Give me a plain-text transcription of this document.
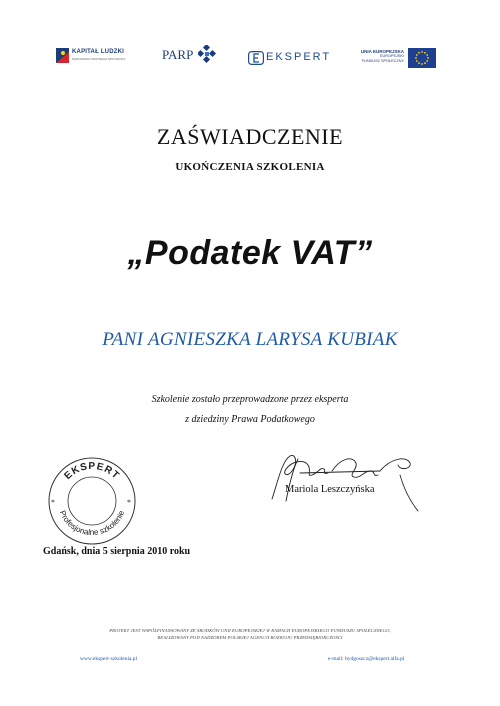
KAPITAŁ LUDZKI
NARODOWA STRATEGIA SPÓJNOŚCI	PARP	EKSPERT	UNIA EUROPEJSKA
EUROPEJSKI
FUNDUSZ SPOŁECZNY
ZAŚWIADCZENIE
UKOŃCZENIA SZKOLENIA
„Podatek VAT”
PANI AGNIESZKA LARYSA KUBIAK
Szkolenie zostało przeprowadzone przez eksperta
z dziedziny Prawa Podatkowego
Mariola Leszczyńska
EKSPERT
Profesjonalne szkolenie
*	*
Gdańsk, dnia 5 sierpnia 2010 roku
PROJEKT JEST WSPÓŁFINANSOWANY ZE ŚRODKÓW UNII EUROPEJSKIEJ W RAMACH EUROPEJSKIEGO FUNDUSZU SPOŁECZNEGO,
REALIZOWANY POD NADZOREM POLSKIEJ AGENCJI ROZWOJU PRZEDSIĘBIORCZOŚCI
www.ekspert-szkolenia.pl	e-mail: bydgoszcz@ekspert.alfa.pl
